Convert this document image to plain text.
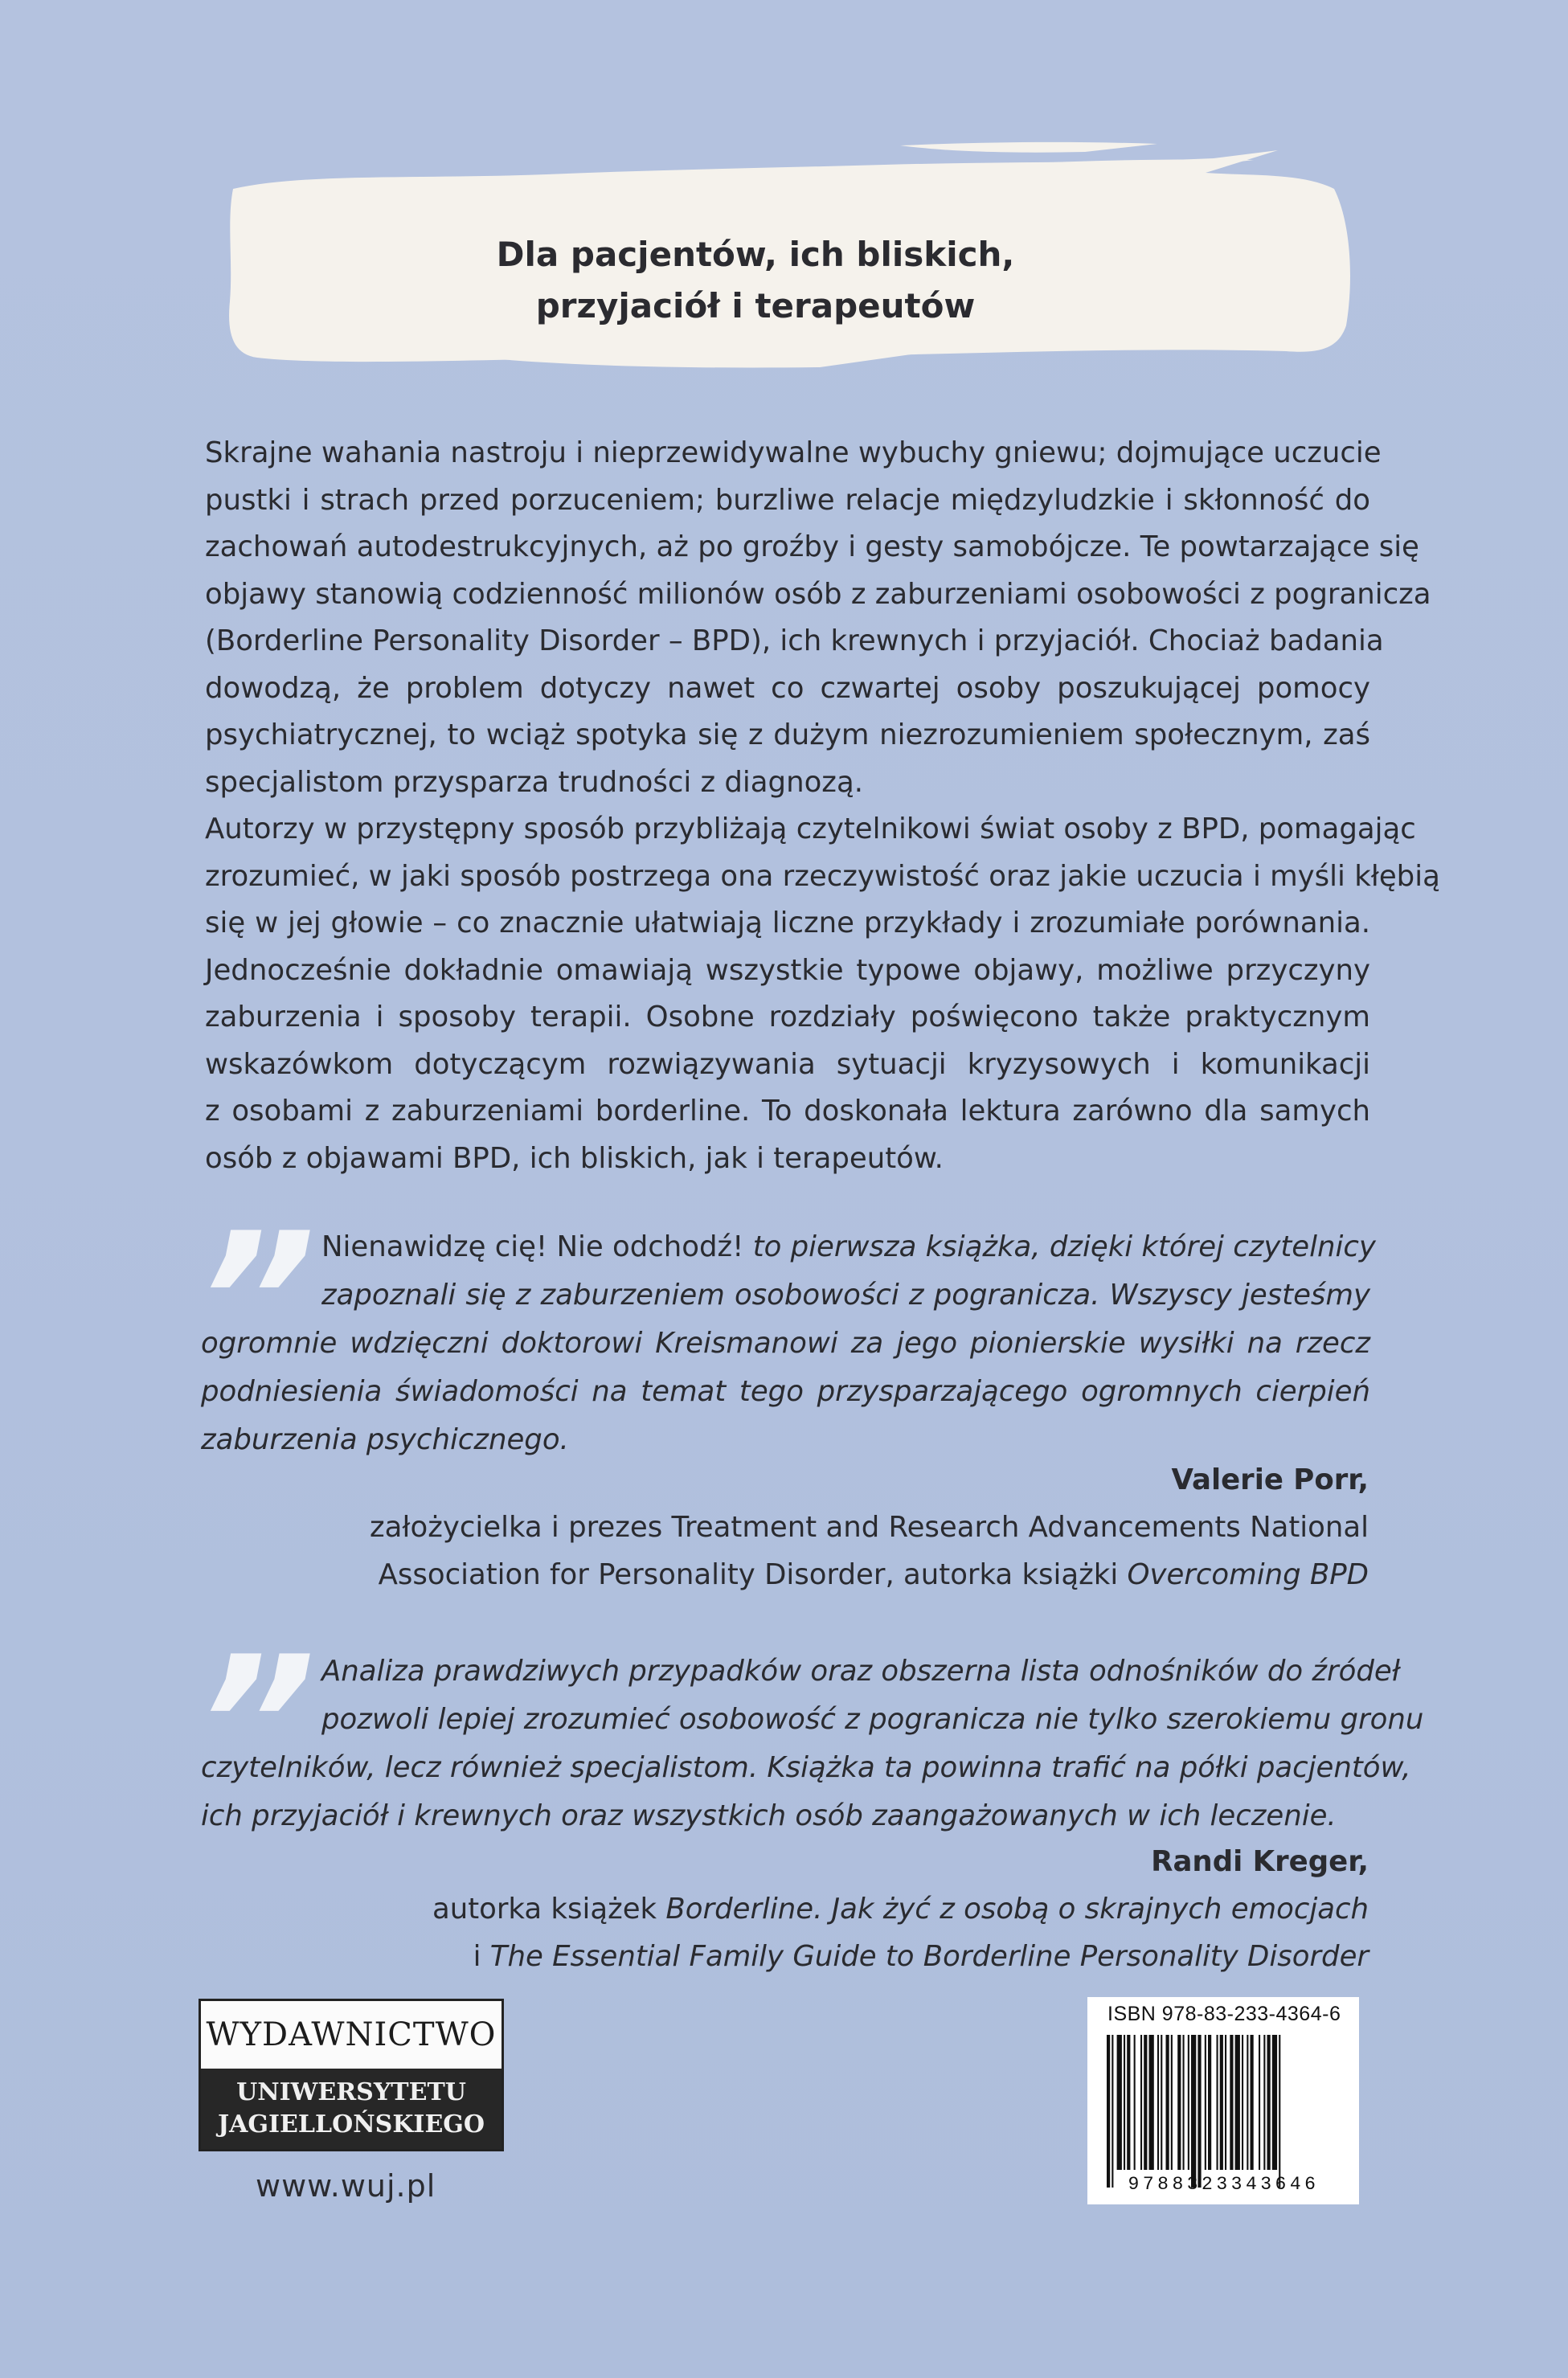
Dla pacjentów, ich bliskich,
przyjaciół i terapeutów
Skrajne wahania nastroju i nieprzewidywalne wybuchy gniewu; dojmujące uczucie
pustki i strach przed porzuceniem; burzliwe relacje międzyludzkie i skłonność do
zachowań autodestrukcyjnych, aż po groźby i gesty samobójcze. Te powtarzające się
objawy stanowią codzienność milionów osób z zaburzeniami osobowości z pogranicza
(Borderline Personality Disorder – BPD), ich krewnych i przyjaciół. Chociaż badania
dowodzą, że problem dotyczy nawet co czwartej osoby poszukującej pomocy
psychiatrycznej, to wciąż spotyka się z dużym niezrozumieniem społecznym, zaś
specjalistom przysparza trudności z diagnozą.
Autorzy w przystępny sposób przybliżają czytelnikowi świat osoby z BPD, pomagając
zrozumieć, w jaki sposób postrzega ona rzeczywistość oraz jakie uczucia i myśli kłębią
się w jej głowie – co znacznie ułatwiają liczne przykłady i zrozumiałe porównania.
Jednocześnie dokładnie omawiają wszystkie typowe objawy, możliwe przyczyny
zaburzenia i sposoby terapii. Osobne rozdziały poświęcono także praktycznym
wskazówkom dotyczącym rozwiązywania sytuacji kryzysowych i komunikacji
z osobami z zaburzeniami borderline. To doskonała lektura zarówno dla samych
osób z objawami BPD, ich bliskich, jak i terapeutów.
” Nienawidzę cię! Nie odchodź! to pierwsza książka, dzięki której czytelnicy
zapoznali się z zaburzeniem osobowości z pogranicza. Wszyscy jesteśmy
ogromnie wdzięczni doktorowi Kreismanowi za jego pionierskie wysiłki na rzecz
podniesienia świadomości na temat tego przysparzającego ogromnych cierpień
zaburzenia psychicznego.
Valerie Porr,
założycielka i prezes Treatment and Research Advancements National
Association for Personality Disorder, autorka książki Overcoming BPD
” Analiza prawdziwych przypadków oraz obszerna lista odnośników do źródeł
pozwoli lepiej zrozumieć osobowość z pogranicza nie tylko szerokiemu gronu
czytelników, lecz również specjalistom. Książka ta powinna trafić na półki pacjentów,
ich przyjaciół i krewnych oraz wszystkich osób zaangażowanych w ich leczenie.
Randi Kreger,
autorka książek Borderline. Jak żyć z osobą o skrajnych emocjach
i The Essential Family Guide to Borderline Personality Disorder
WYDAWNICTWO
UNIWERSYTETU
JAGIELLOŃSKIEGO
www.wuj.pl
ISBN 978-83-233-4364-6
9788323343646
